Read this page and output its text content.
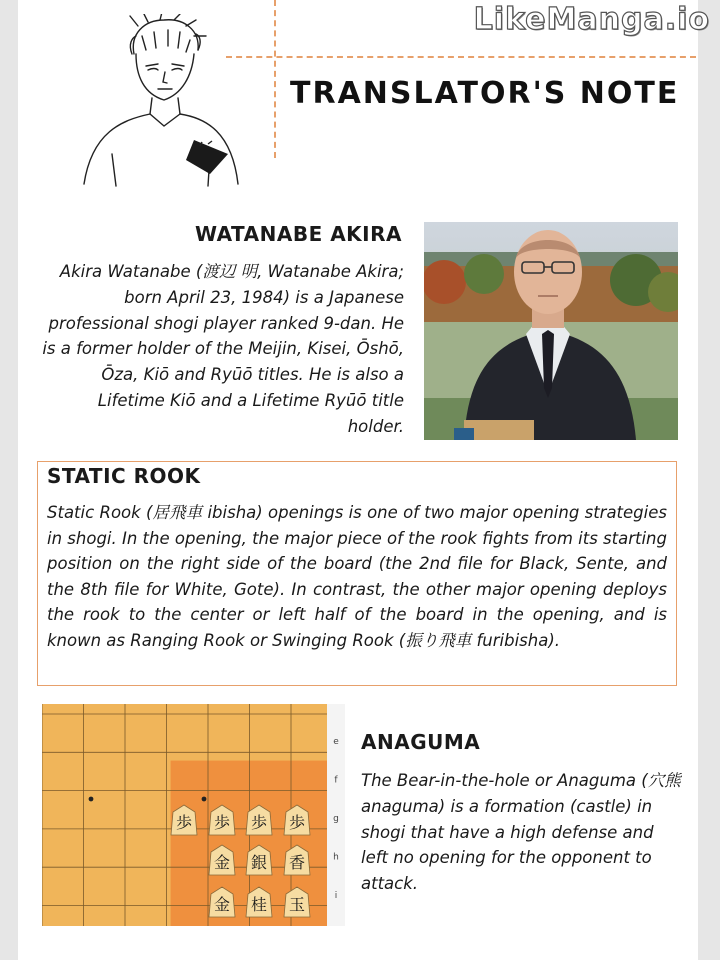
LikeManga.io
TRANSLATOR'S NOTE
WATANABE AKIRA
Akira Watanabe (渡辺 明, Watanabe Akira; born April 23, 1984) is a Japanese professional shogi player ranked 9-dan. He is a former holder of the Meijin, Kisei, Ōshō, Ōza, Kiō and Ryūō titles. He is also a Lifetime Kiō and a Lifetime Ryūō title holder.
STATIC ROOK
Static Rook (居飛車 ibisha) openings is one of two major opening strategies in shogi. In the opening, the major piece of the rook fights from its starting position on the right side of the board (the 2nd file for Black, Sente, and the 8th file for White, Gote). In contrast, the other major opening deploys the rook to the center or left half of the board in the opening, and is known as Ranging Rook or Swinging Rook (振り飛車 furibisha).
e
f
g
h
i
歩 歩 歩 歩
金 銀 香
金 桂 玉
ANAGUMA
The Bear-in-the-hole or Anaguma (穴熊 anaguma) is a formation (castle) in shogi that have a high defense and left no opening for the opponent to attack.
